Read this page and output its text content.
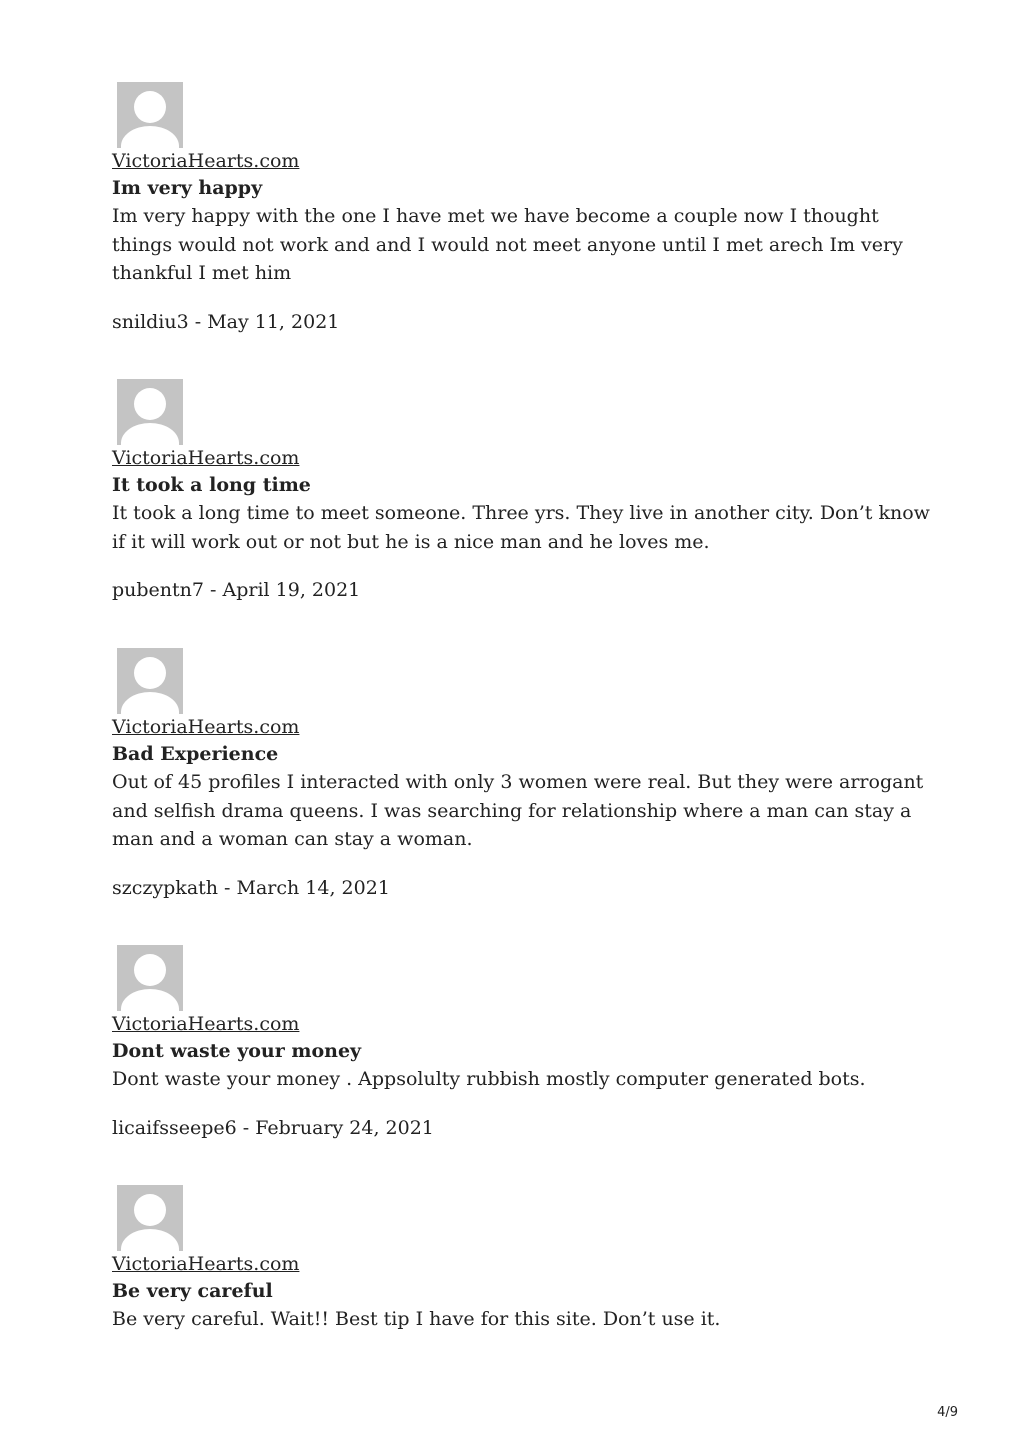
VictoriaHearts.com

Im very happy

Im very happy with the one I have met we have become a couple now I thought things would not work and and I would not meet anyone until I met arech Im very thankful I met him

snildiu3 - May 11, 2021

VictoriaHearts.com

It took a long time

It took a long time to meet someone. Three yrs. They live in another city. Don’t know if it will work out or not but he is a nice man and he loves me.

pubentn7 - April 19, 2021

VictoriaHearts.com

Bad Experience

Out of 45 profiles I interacted with only 3 women were real. But they were arrogant and selfish drama queens. I was searching for relationship where a man can stay a man and a woman can stay a woman.

szczypkath - March 14, 2021

VictoriaHearts.com

Dont waste your money

Dont waste your money . Appsolulty rubbish mostly computer generated bots.

licaifsseepe6 - February 24, 2021

VictoriaHearts.com

Be very careful

Be very careful. Wait!! Best tip I have for this site. Don’t use it.

4/9
